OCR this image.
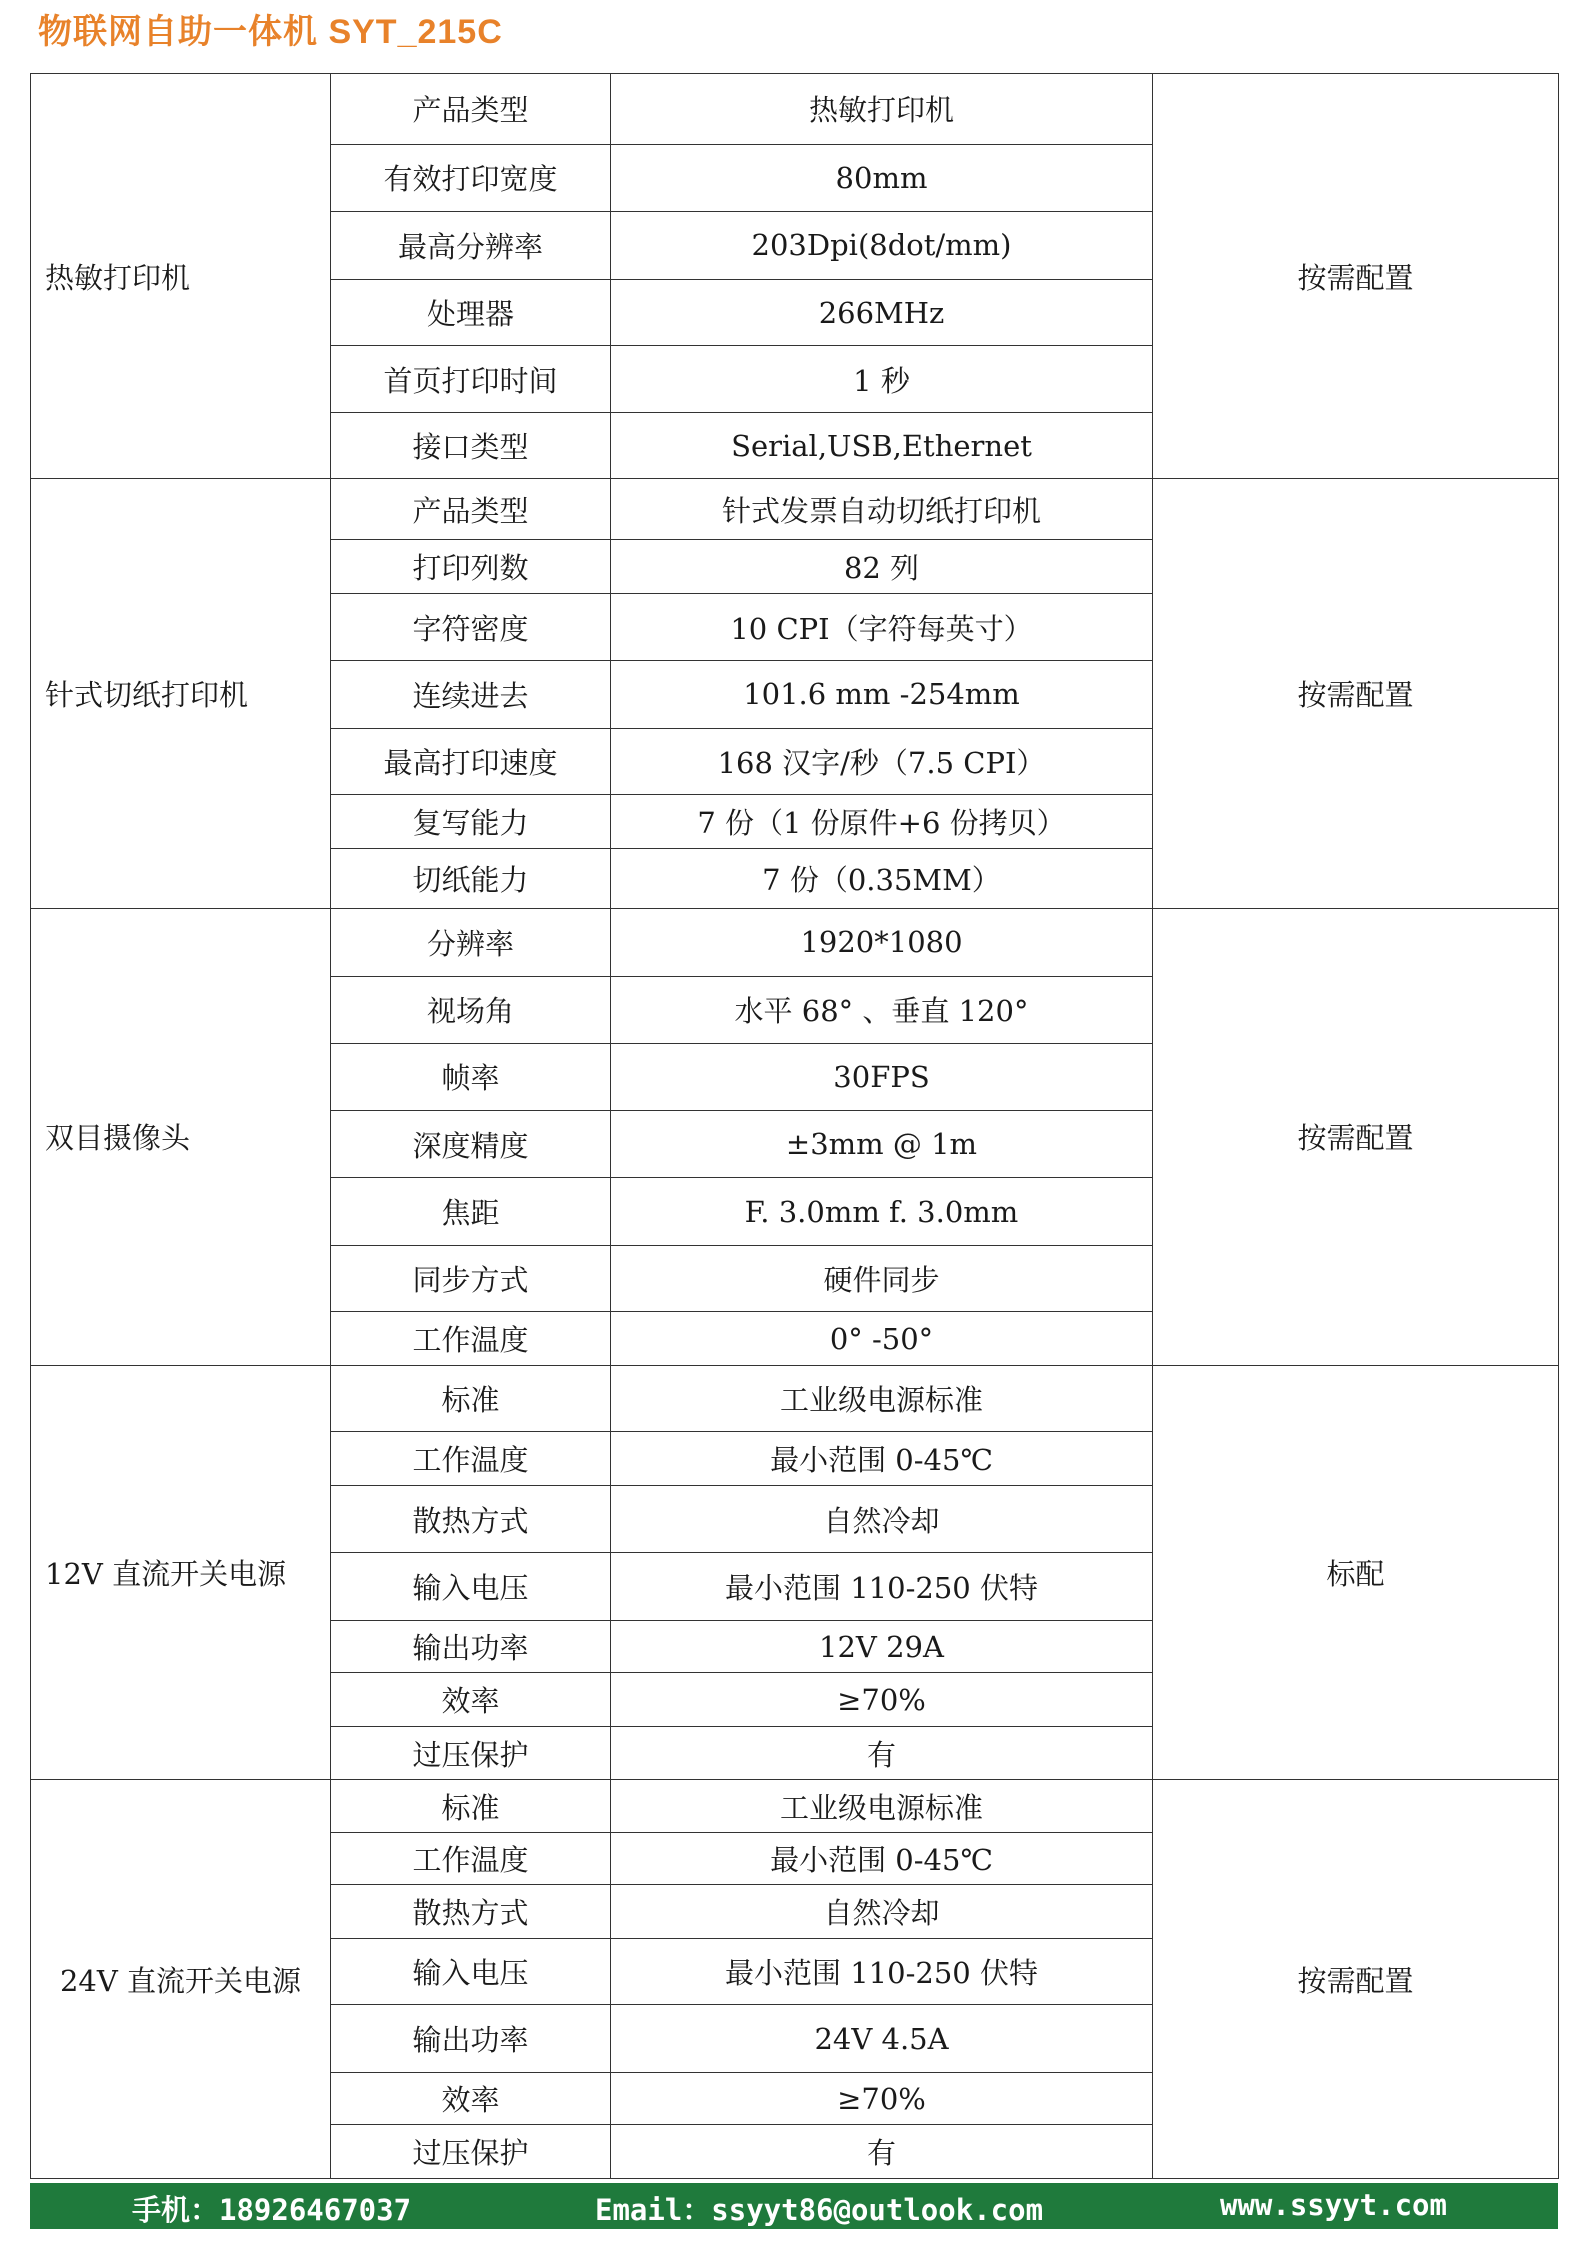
物联网自助一体机 SYT_215C
热敏打印机	产品类型	热敏打印机	按需配置
	有效打印宽度	80mm	
	最高分辨率	203Dpi(8dot/mm)	
	处理器	266MHz	
	首页打印时间	1 秒	
	接口类型	Serial,USB,Ethernet	
针式切纸打印机	产品类型	针式发票自动切纸打印机	按需配置
	打印列数	82 列	
	字符密度	10 CPI（字符每英寸）	
	连续进去	101.6 mm -254mm	
	最高打印速度	168 汉字/秒（7.5 CPI）	
	复写能力	7 份（1 份原件+6 份拷贝）	
	切纸能力	7 份（0.35MM）	
双目摄像头	分辨率	1920*1080	按需配置
	视场角	水平 68° 、垂直 120°	
	帧率	30FPS	
	深度精度	±3mm @ 1m	
	焦距	F. 3.0mm f. 3.0mm	
	同步方式	硬件同步	
	工作温度	0° -50°	
12V 直流开关电源	标准	工业级电源标准	标配
	工作温度	最小范围 0-45℃	
	散热方式	自然冷却	
	输入电压	最小范围 110-250 伏特	
	输出功率	12V 29A	
	效率	≥70%	
	过压保护	有	
24V 直流开关电源	标准	工业级电源标准	按需配置
	工作温度	最小范围 0-45℃	
	散热方式	自然冷却	
	输入电压	最小范围 110-250 伏特	
	输出功率	24V 4.5A	
	效率	≥70%	
	过压保护	有	
手机：18926467037	Email：ssyyt86@outlook.com	www.ssyyt.com
